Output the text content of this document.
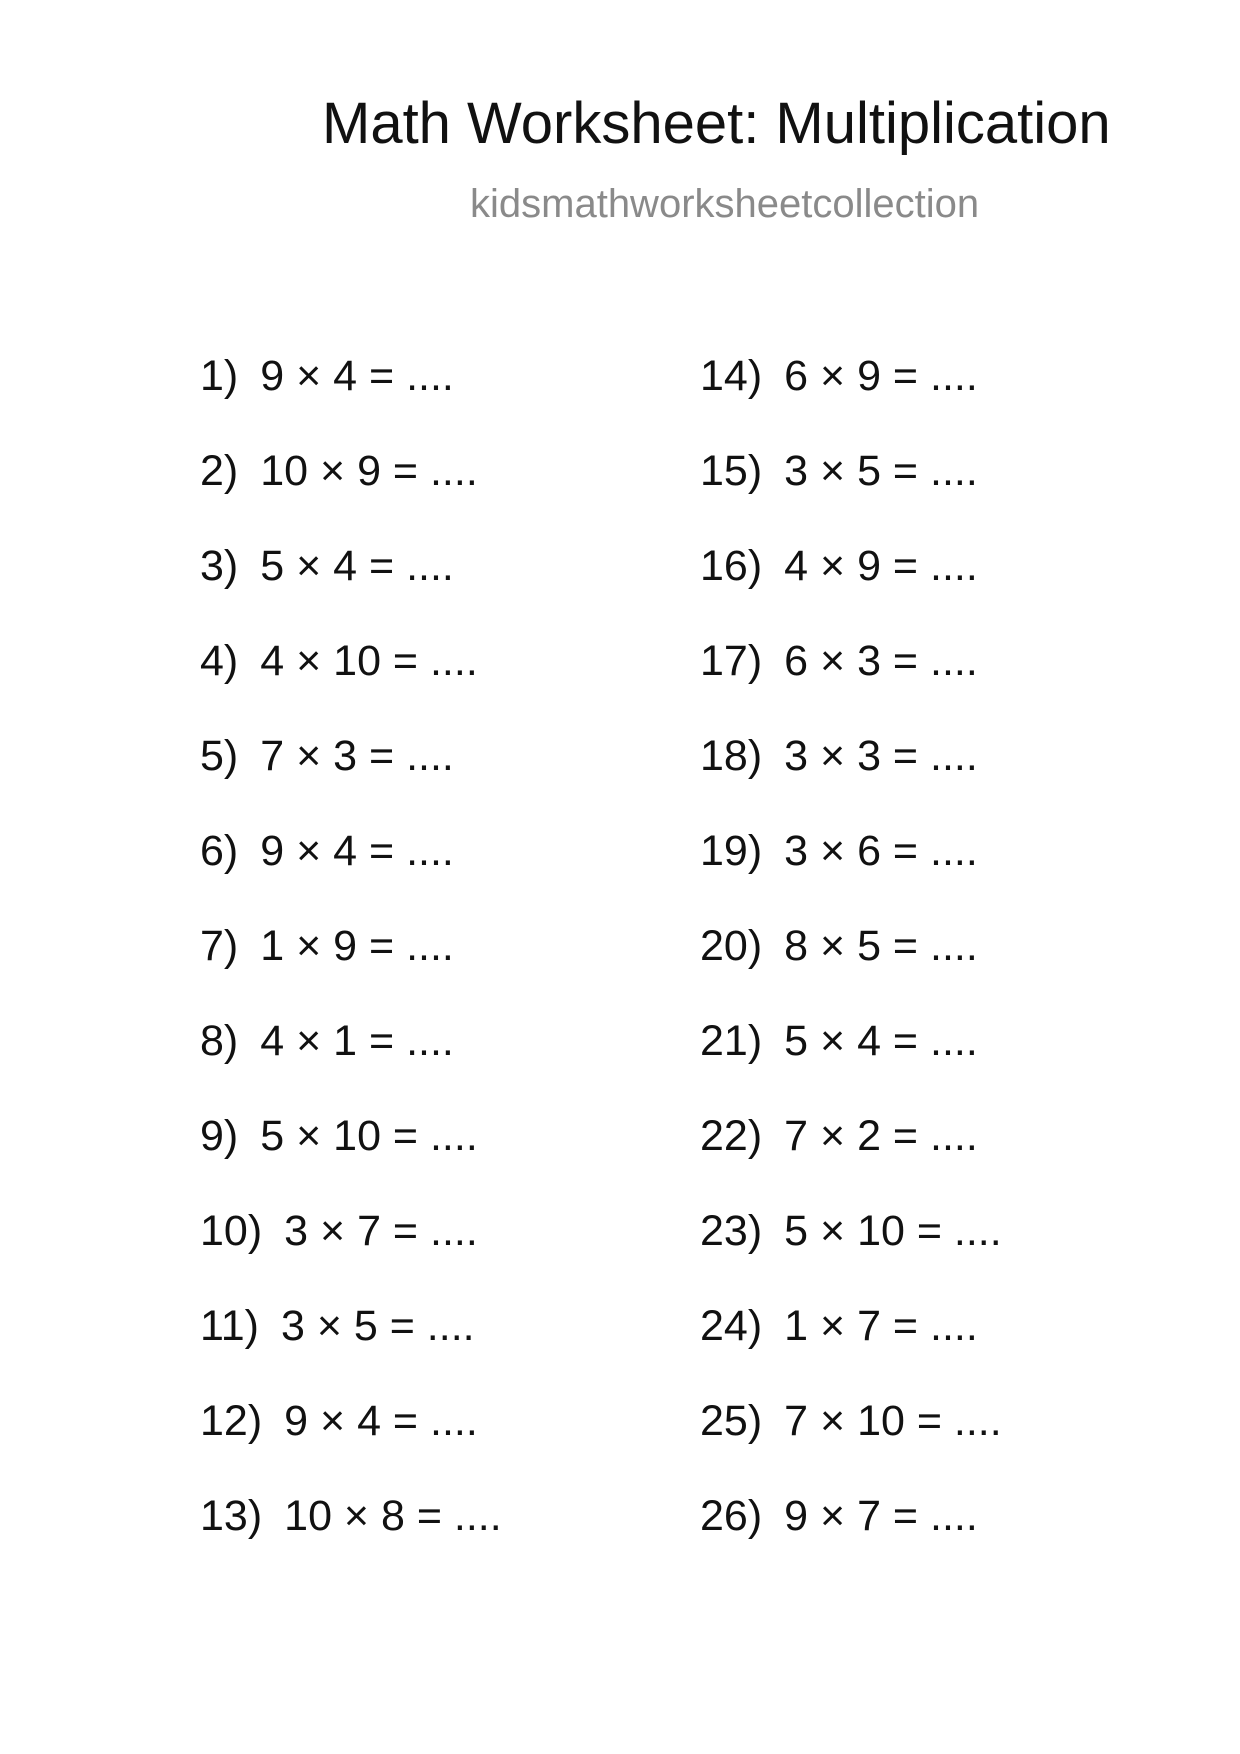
Math Worksheet: Multiplication
kidsmathworksheetcollection
1) 9 × 4 = ....
2) 10 × 9 = ....
3) 5 × 4 = ....
4) 4 × 10 = ....
5) 7 × 3 = ....
6) 9 × 4 = ....
7) 1 × 9 = ....
8) 4 × 1 = ....
9) 5 × 10 = ....
10) 3 × 7 = ....
11) 3 × 5 = ....
12) 9 × 4 = ....
13) 10 × 8 = ....
14) 6 × 9 = ....
15) 3 × 5 = ....
16) 4 × 9 = ....
17) 6 × 3 = ....
18) 3 × 3 = ....
19) 3 × 6 = ....
20) 8 × 5 = ....
21) 5 × 4 = ....
22) 7 × 2 = ....
23) 5 × 10 = ....
24) 1 × 7 = ....
25) 7 × 10 = ....
26) 9 × 7 = ....
